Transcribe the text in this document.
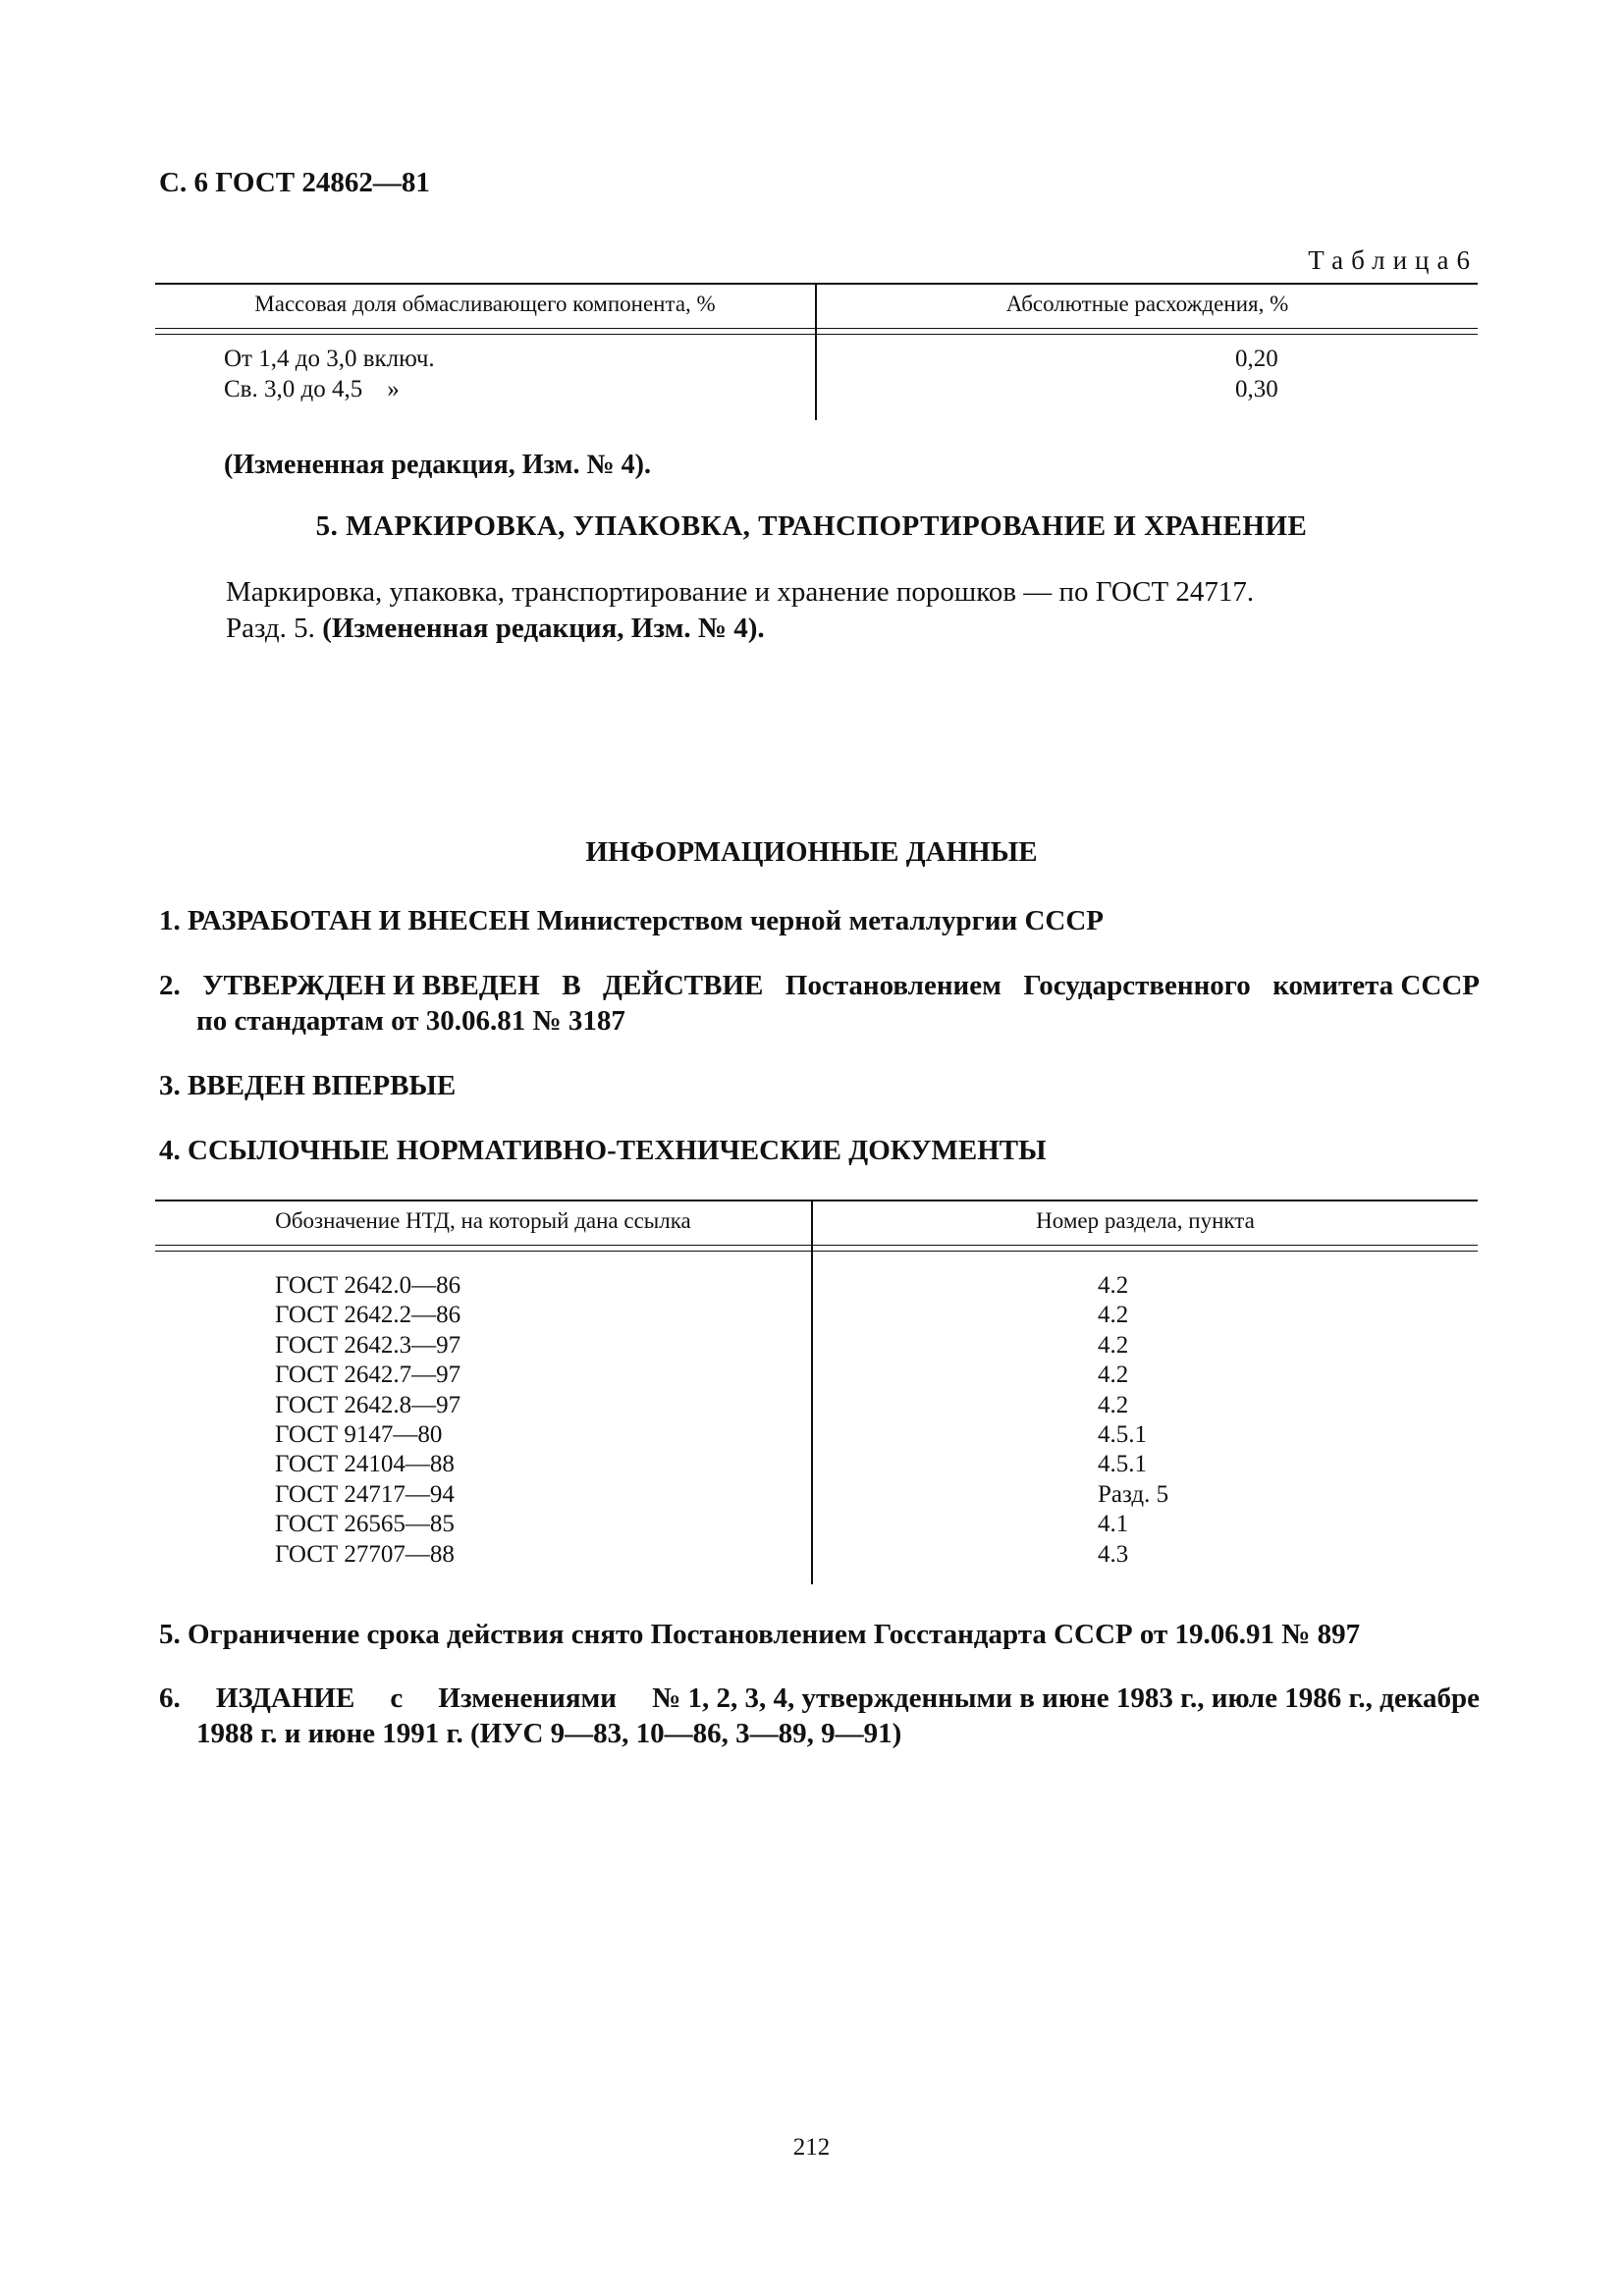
С. 6 ГОСТ 24862—81
Таблица6
Массовая доля обмасливающего компонента, %	Абсолютные расхождения, %
От 1,4 до 3,0 включ.
Св. 3,0 до 4,5    »
0,20
0,30
(Измененная редакция, Изм. № 4).
5. МАРКИРОВКА, УПАКОВКА, ТРАНСПОРТИРОВАНИЕ И ХРАНЕНИЕ
Маркировка, упаковка, транспортирование и хранение порошков — по ГОСТ 24717.
Разд. 5. (Измененная редакция, Изм. № 4).
ИНФОРМАЦИОННЫЕ ДАННЫЕ
1. РАЗРАБОТАН И ВНЕСЕН Министерством черной металлургии СССР
2. УТВЕРЖДЕН И ВВЕДЕН В ДЕЙСТВИЕ Постановлением Государственного комитета СССР
по стандартам от 30.06.81 № 3187
3. ВВЕДЕН ВПЕРВЫЕ
4. ССЫЛОЧНЫЕ НОРМАТИВНО-ТЕХНИЧЕСКИЕ ДОКУМЕНТЫ
Обозначение НТД, на который дана ссылка	Номер раздела, пункта
ГОСТ 2642.0—86
ГОСТ 2642.2—86
ГОСТ 2642.3—97
ГОСТ 2642.7—97
ГОСТ 2642.8—97
ГОСТ 9147—80
ГОСТ 24104—88
ГОСТ 24717—94
ГОСТ 26565—85
ГОСТ 27707—88
4.2
4.2
4.2
4.2
4.2
4.5.1
4.5.1
Разд. 5
4.1
4.3
5. Ограничение срока действия снято Постановлением Госстандарта СССР от 19.06.91 № 897
6. ИЗДАНИЕ с Изменениями № 1, 2, 3, 4, утвержденными в июне 1983 г., июле 1986 г., декабре
1988 г. и июне 1991 г. (ИУС 9—83, 10—86, 3—89, 9—91)
212
